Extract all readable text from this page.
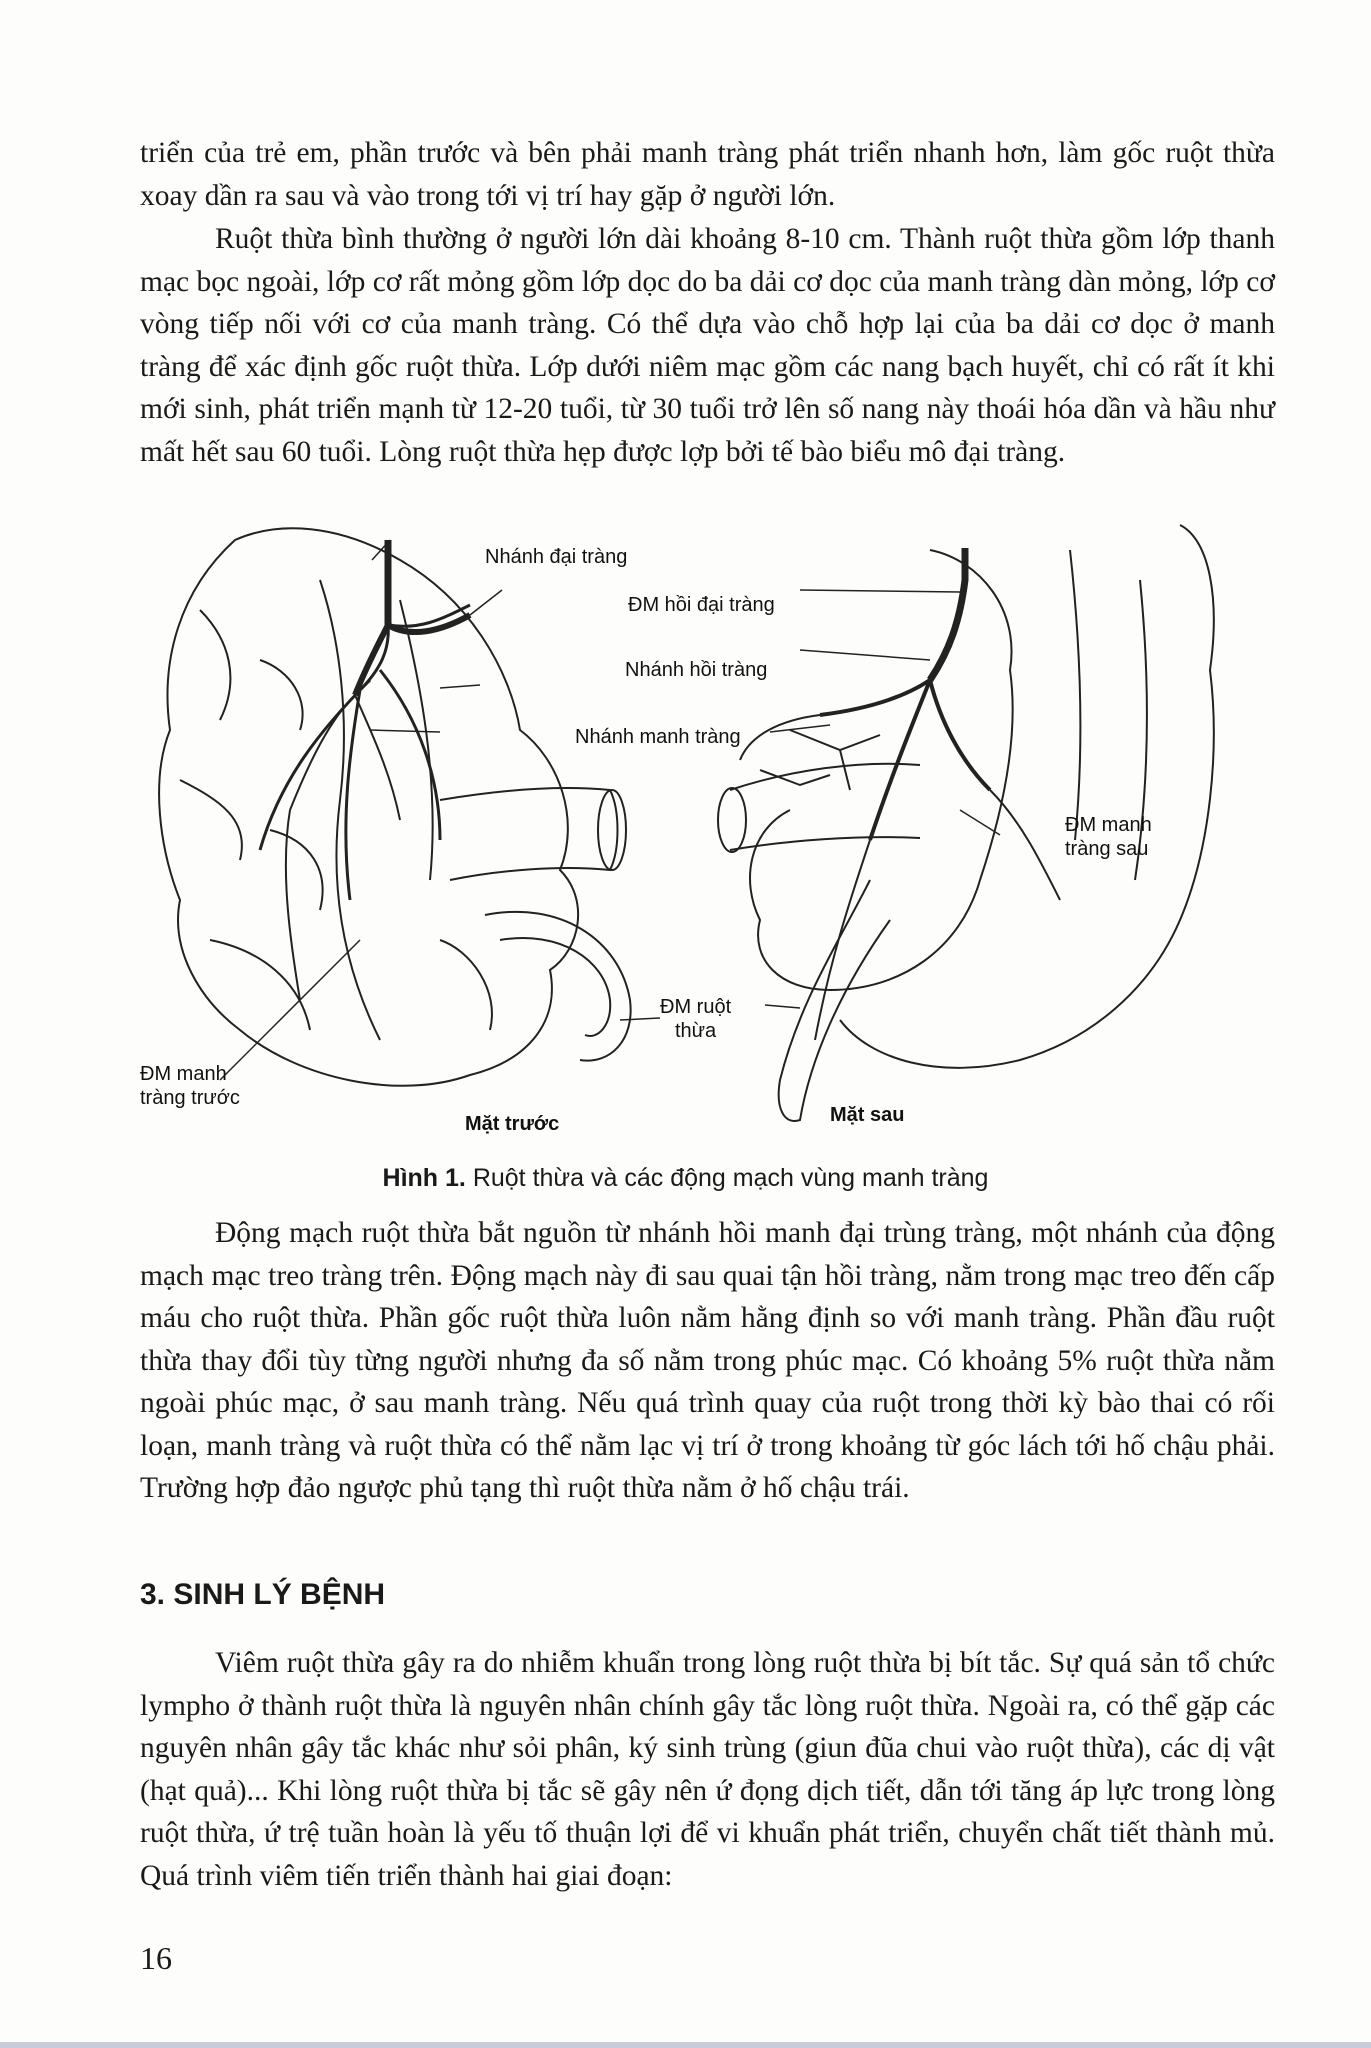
triển của trẻ em, phần trước và bên phải manh tràng phát triển nhanh hơn, làm gốc ruột thừa xoay dần ra sau và vào trong tới vị trí hay gặp ở người lớn.

Ruột thừa bình thường ở người lớn dài khoảng 8-10 cm. Thành ruột thừa gồm lớp thanh mạc bọc ngoài, lớp cơ rất mỏng gồm lớp dọc do ba dải cơ dọc của manh tràng dàn mỏng, lớp cơ vòng tiếp nối với cơ của manh tràng. Có thể dựa vào chỗ hợp lại của ba dải cơ dọc ở manh tràng để xác định gốc ruột thừa. Lớp dưới niêm mạc gồm các nang bạch huyết, chỉ có rất ít khi mới sinh, phát triển mạnh từ 12-20 tuổi, từ 30 tuổi trở lên số nang này thoái hóa dần và hầu như mất hết sau 60 tuổi. Lòng ruột thừa hẹp được lợp bởi tế bào biểu mô đại tràng.

Nhánh đại tràng
ĐM hồi đại tràng
Nhánh hồi tràng
Nhánh manh tràng
ĐM manh
tràng sau
ĐM ruột
thừa
ĐM manh
tràng trước
Mặt trước	Mặt sau
Hình 1. Ruột thừa và các động mạch vùng manh tràng

Động mạch ruột thừa bắt nguồn từ nhánh hồi manh đại trùng tràng, một nhánh của động mạch mạc treo tràng trên. Động mạch này đi sau quai tận hồi tràng, nằm trong mạc treo đến cấp máu cho ruột thừa. Phần gốc ruột thừa luôn nằm hằng định so với manh tràng. Phần đầu ruột thừa thay đổi tùy từng người nhưng đa số nằm trong phúc mạc. Có khoảng 5% ruột thừa nằm ngoài phúc mạc, ở sau manh tràng. Nếu quá trình quay của ruột trong thời kỳ bào thai có rối loạn, manh tràng và ruột thừa có thể nằm lạc vị trí ở trong khoảng từ góc lách tới hố chậu phải. Trường hợp đảo ngược phủ tạng thì ruột thừa nằm ở hố chậu trái.

3. SINH LÝ BỆNH

Viêm ruột thừa gây ra do nhiễm khuẩn trong lòng ruột thừa bị bít tắc. Sự quá sản tổ chức lympho ở thành ruột thừa là nguyên nhân chính gây tắc lòng ruột thừa. Ngoài ra, có thể gặp các nguyên nhân gây tắc khác như sỏi phân, ký sinh trùng (giun đũa chui vào ruột thừa), các dị vật (hạt quả)... Khi lòng ruột thừa bị tắc sẽ gây nên ứ đọng dịch tiết, dẫn tới tăng áp lực trong lòng ruột thừa, ứ trệ tuần hoàn là yếu tố thuận lợi để vi khuẩn phát triển, chuyển chất tiết thành mủ. Quá trình viêm tiến triển thành hai giai đoạn:

16
